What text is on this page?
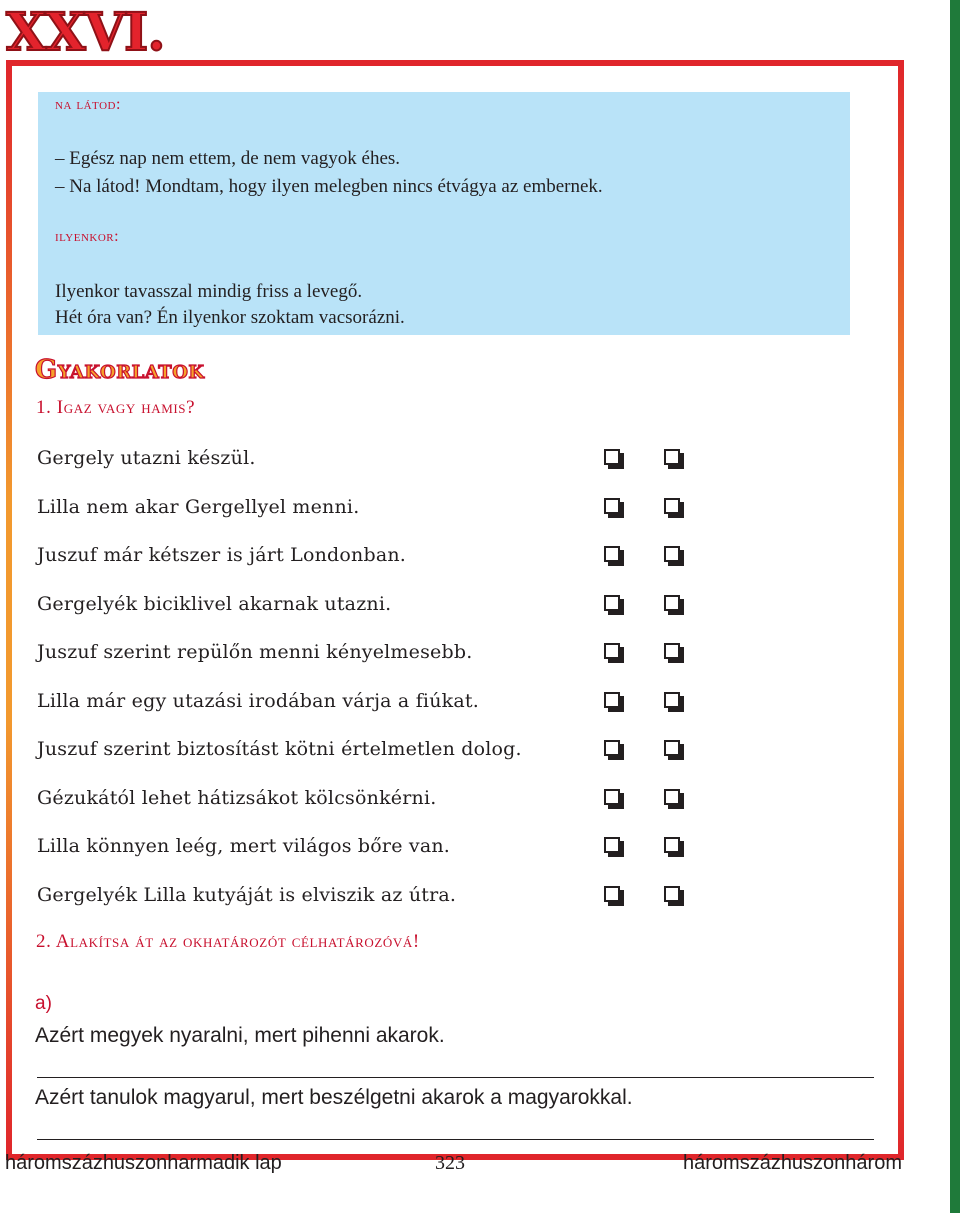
XXVI.
na látod:
– Egész nap nem ettem, de nem vagyok éhes.
– Na látod! Mondtam, hogy ilyen melegben nincs étvágya az embernek.
ilyenkor:
Ilyenkor tavasszal mindig friss a levegő.
Hét óra van? Én ilyenkor szoktam vacsorázni.
Gyakorlatok
1. Igaz vagy hamis?
Gergely utazni készül.
Lilla nem akar Gergellyel menni.
Juszuf már kétszer is járt Londonban.
Gergelyék biciklivel akarnak utazni.
Juszuf szerint repülőn menni kényelmesebb.
Lilla már egy utazási irodában várja a fiúkat.
Juszuf szerint biztosítást kötni értelmetlen dolog.
Gézukától lehet hátizsákot kölcsönkérni.
Lilla könnyen leég, mert világos bőre van.
Gergelyék Lilla kutyáját is elviszik az útra.
2. Alakítsa át az okhatározót célhatározóvá!
a)
Azért megyek nyaralni, mert pihenni akarok.
Azért tanulok magyarul, mert beszélgetni akarok a magyarokkal.
háromszázhuszonharmadik lap	323	háromszázhuszonhárom
